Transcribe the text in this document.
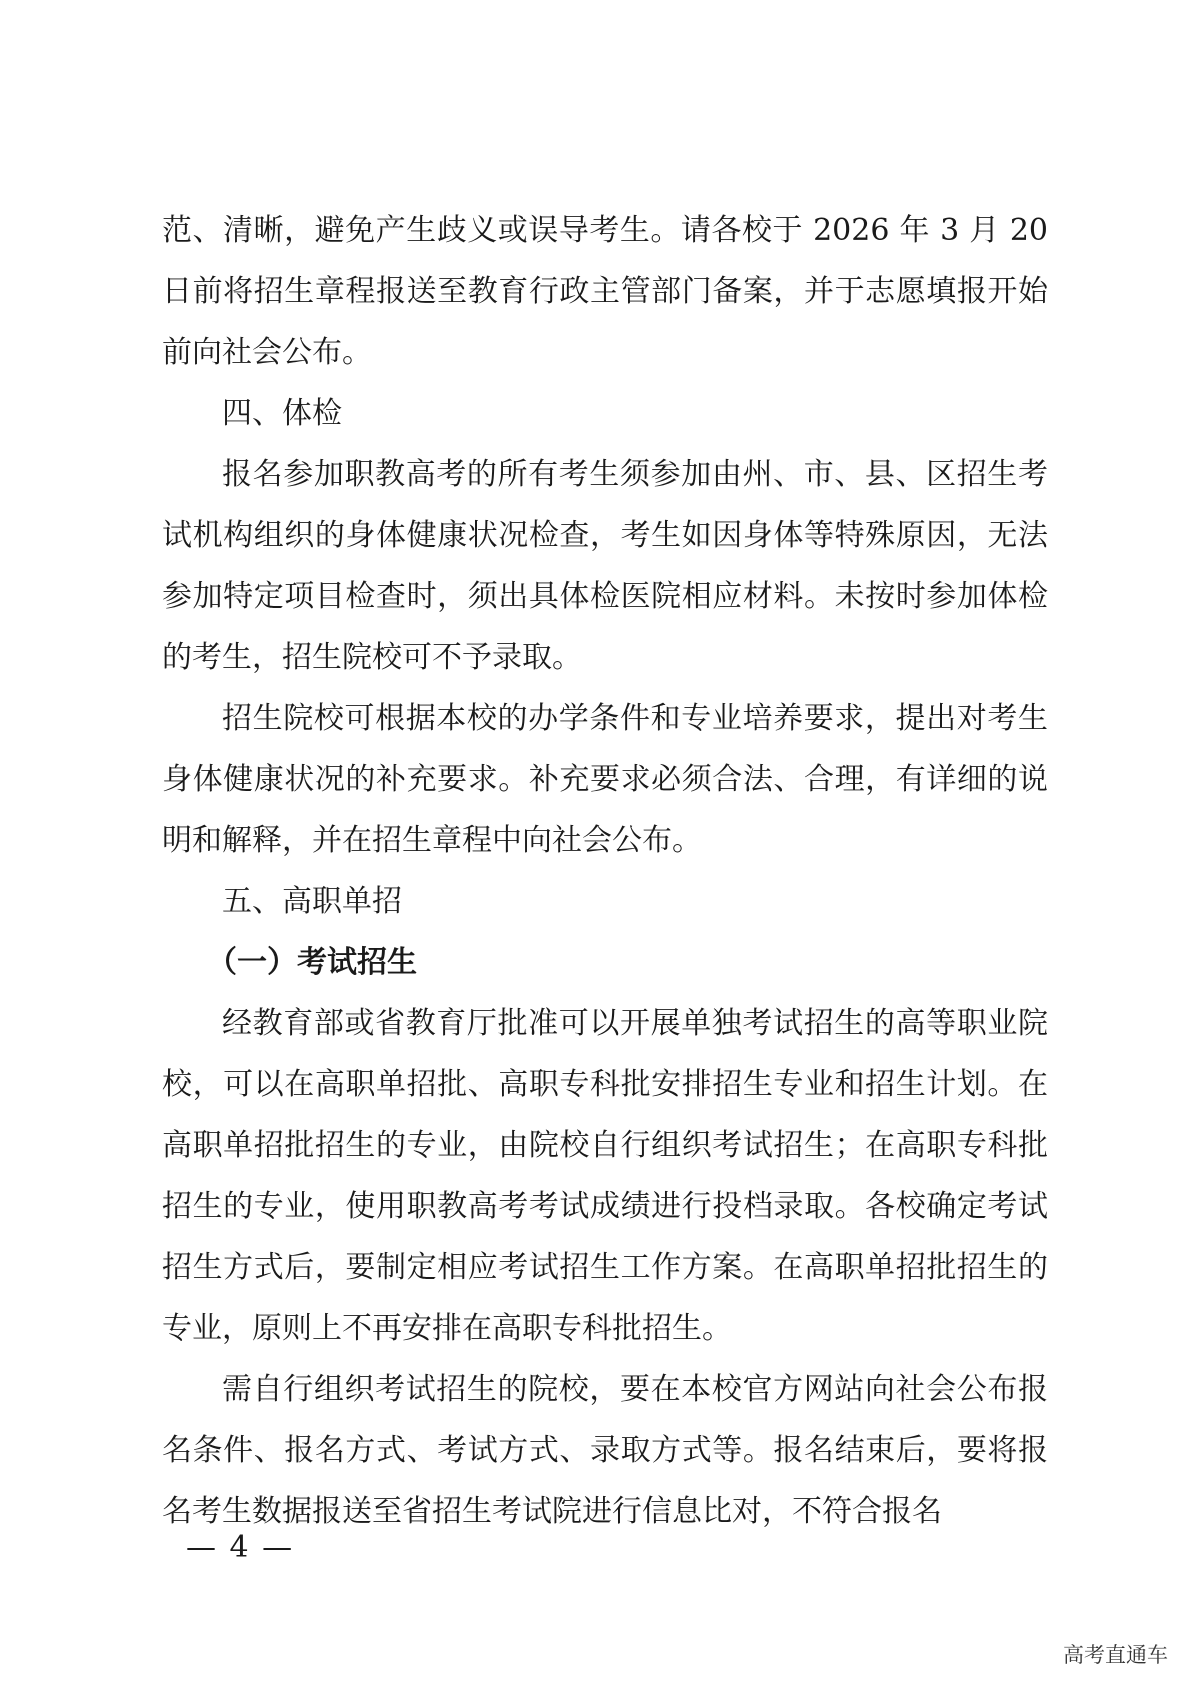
范、清晰，避免产生歧义或误导考生。请各校于 2026 年 3 月 20 日前将招生章程报送至教育行政主管部门备案，并于志愿填报开始前向社会公布。

四、体检

报名参加职教高考的所有考生须参加由州、市、县、区招生考试机构组织的身体健康状况检查，考生如因身体等特殊原因，无法参加特定项目检查时，须出具体检医院相应材料。未按时参加体检的考生，招生院校可不予录取。

招生院校可根据本校的办学条件和专业培养要求，提出对考生身体健康状况的补充要求。补充要求必须合法、合理，有详细的说明和解释，并在招生章程中向社会公布。

五、高职单招

（一）考试招生

经教育部或省教育厅批准可以开展单独考试招生的高等职业院校，可以在高职单招批、高职专科批安排招生专业和招生计划。在高职单招批招生的专业，由院校自行组织考试招生；在高职专科批招生的专业，使用职教高考考试成绩进行投档录取。各校确定考试招生方式后，要制定相应考试招生工作方案。在高职单招批招生的专业，原则上不再安排在高职专科批招生。

需自行组织考试招生的院校，要在本校官方网站向社会公布报名条件、报名方式、考试方式、录取方式等。报名结束后，要将报名考生数据报送至省招生考试院进行信息比对，不符合报名

— 4 —
高考直通车
